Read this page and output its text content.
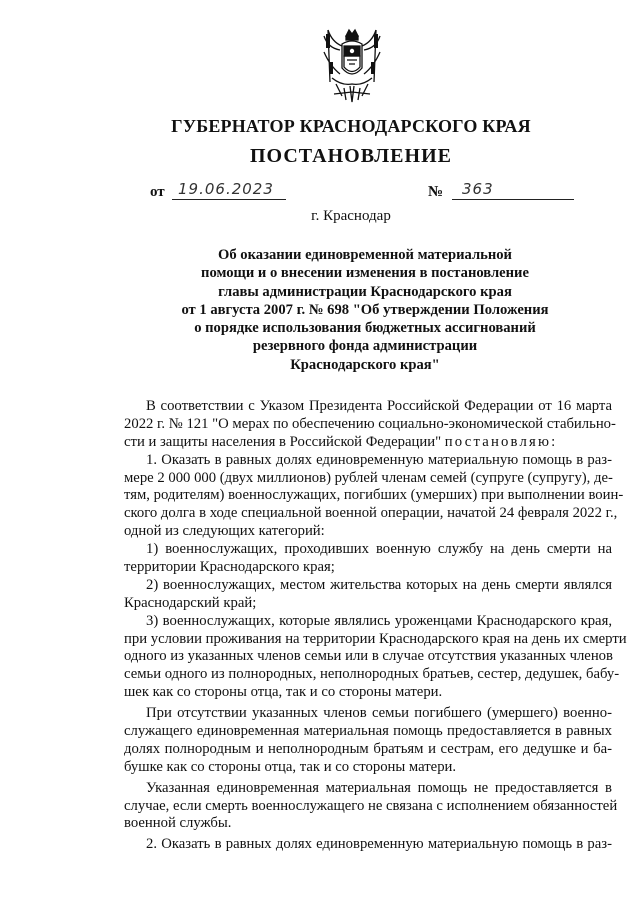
ГУБЕРНАТОР КРАСНОДАРСКОГО КРАЯ
ПОСТАНОВЛЕНИЕ
от 19.06.2023	№	363
г. Краснодар
Об оказании единовременной материальной
помощи и о внесении изменения в постановление
главы администрации Краснодарского края
от 1 августа 2007 г. № 698 "Об утверждении Положения
о порядке использования бюджетных ассигнований
резервного фонда администрации
Краснодарского края"
В соответствии с Указом Президента Российской Федерации от 16 марта
2022 г. № 121 "О мерах по обеспечению социально-экономической стабильно-
сти и защиты населения в Российской Федерации" постановляю:
1. Оказать в равных долях единовременную материальную помощь в раз-
мере 2 000 000 (двух миллионов) рублей членам семей (супруге (супругу), де-
тям, родителям) военнослужащих, погибших (умерших) при выполнении воин-
ского долга в ходе специальной военной операции, начатой 24 февраля 2022 г.,
одной из следующих категорий:
1) военнослужащих, проходивших военную службу на день смерти на
территории Краснодарского края;
2) военнослужащих, местом жительства которых на день смерти являлся
Краснодарский край;
3) военнослужащих, которые являлись уроженцами Краснодарского края,
при условии проживания на территории Краснодарского края на день их смерти
одного из указанных членов семьи или в случае отсутствия указанных членов
семьи одного из полнородных, неполнородных братьев, сестер, дедушек, бабу-
шек как со стороны отца, так и со стороны матери.
При отсутствии указанных членов семьи погибшего (умершего) военно-
служащего единовременная материальная помощь предоставляется в равных
долях полнородным и неполнородным братьям и сестрам, его дедушке и ба-
бушке как со стороны отца, так и со стороны матери.
Указанная единовременная материальная помощь не предоставляется в
случае, если смерть военнослужащего не связана с исполнением обязанностей
военной службы.
2. Оказать в равных долях единовременную материальную помощь в раз-
